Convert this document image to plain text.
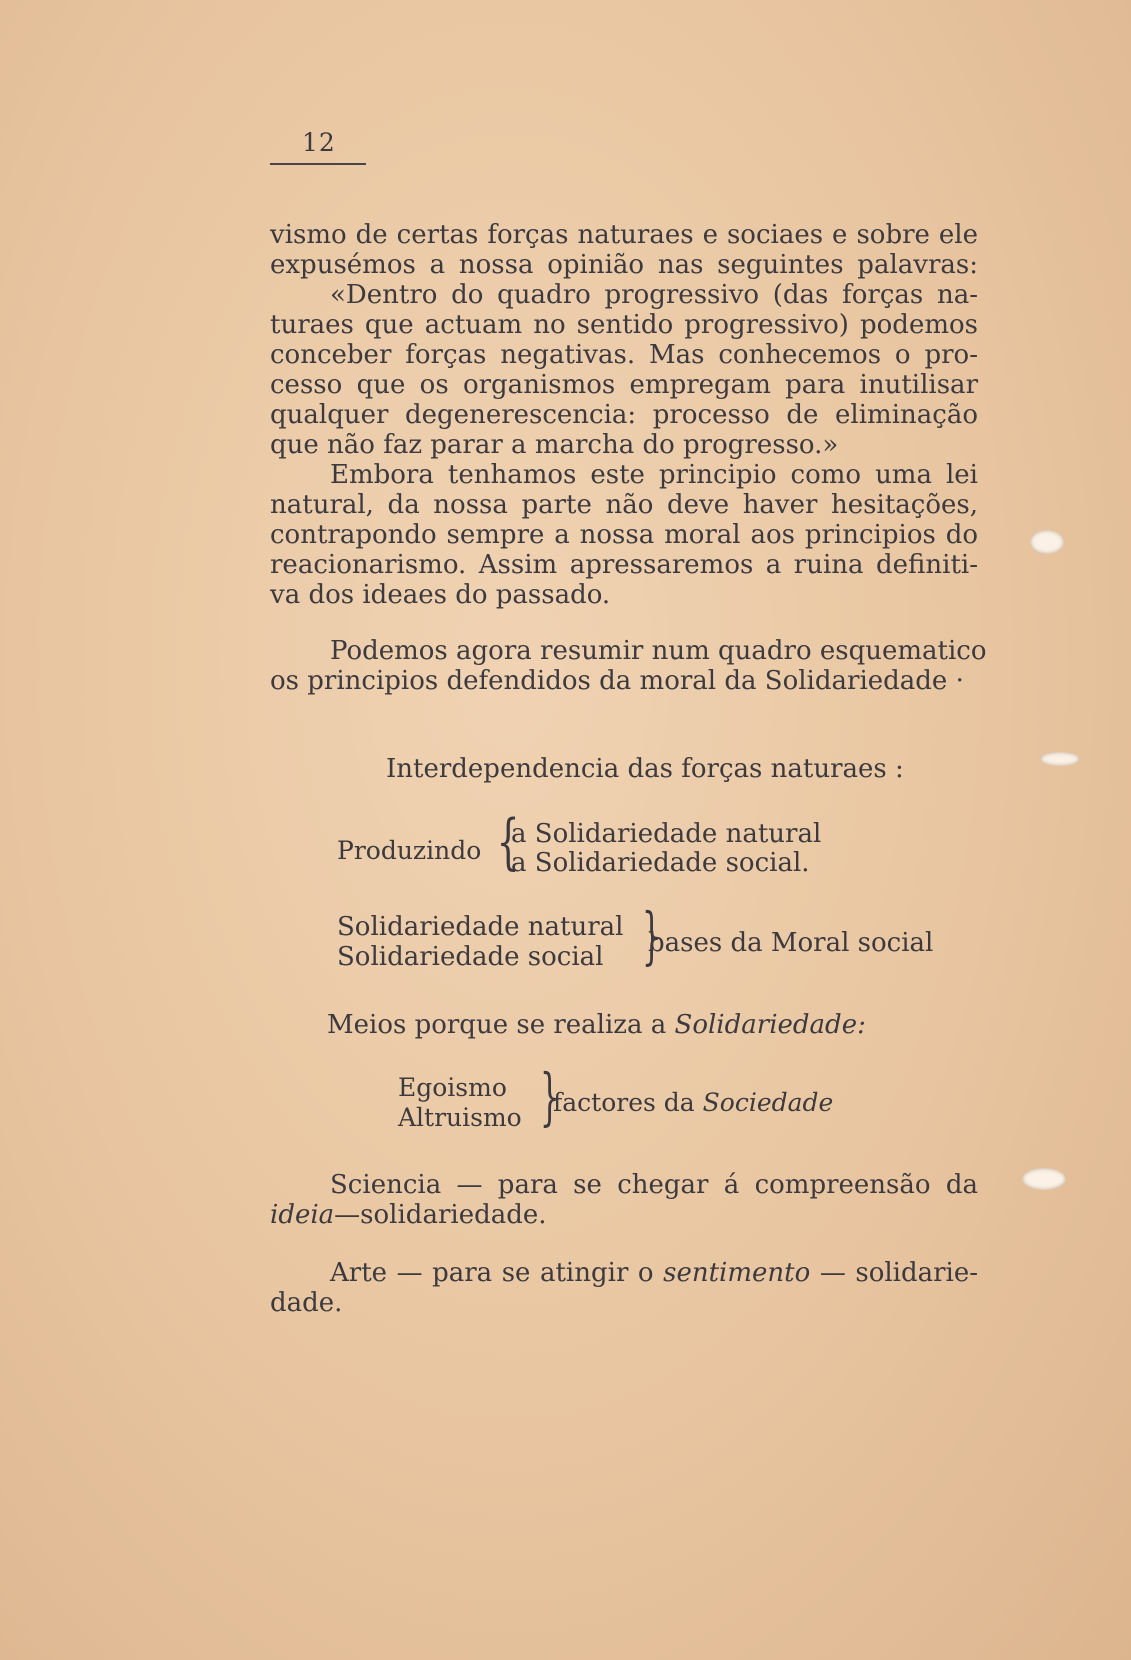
12
vismo de certas forças naturaes e sociaes e sobre ele
expusémos a nossa opinião nas seguintes palavras:
«Dentro do quadro progressivo (das forças na-
turaes que actuam no sentido progressivo) podemos
conceber forças negativas. Mas conhecemos o pro-
cesso que os organismos empregam para inutilisar
qualquer degenerescencia: processo de eliminação
que não faz parar a marcha do progresso.»
Embora tenhamos este principio como uma lei
natural, da nossa parte não deve haver hesitações,
contrapondo sempre a nossa moral aos principios do
reacionarismo. Assim apressaremos a ruina definiti-
va dos ideaes do passado.
Podemos agora resumir num quadro esquematico
os principios defendidos da moral da Solidariedade ·
Interdependencia das forças naturaes :
Produzindo {
a Solidariedade natural
a Solidariedade social.
Solidariedade natural
Solidariedade social }
bases da Moral social
Meios porque se realiza a Solidariedade:
Egoismo
Altruismo }
factores da Sociedade
Sciencia — para se chegar á compreensão da
ideia—solidariedade.
Arte — para se atingir o sentimento — solidarie-
dade.
